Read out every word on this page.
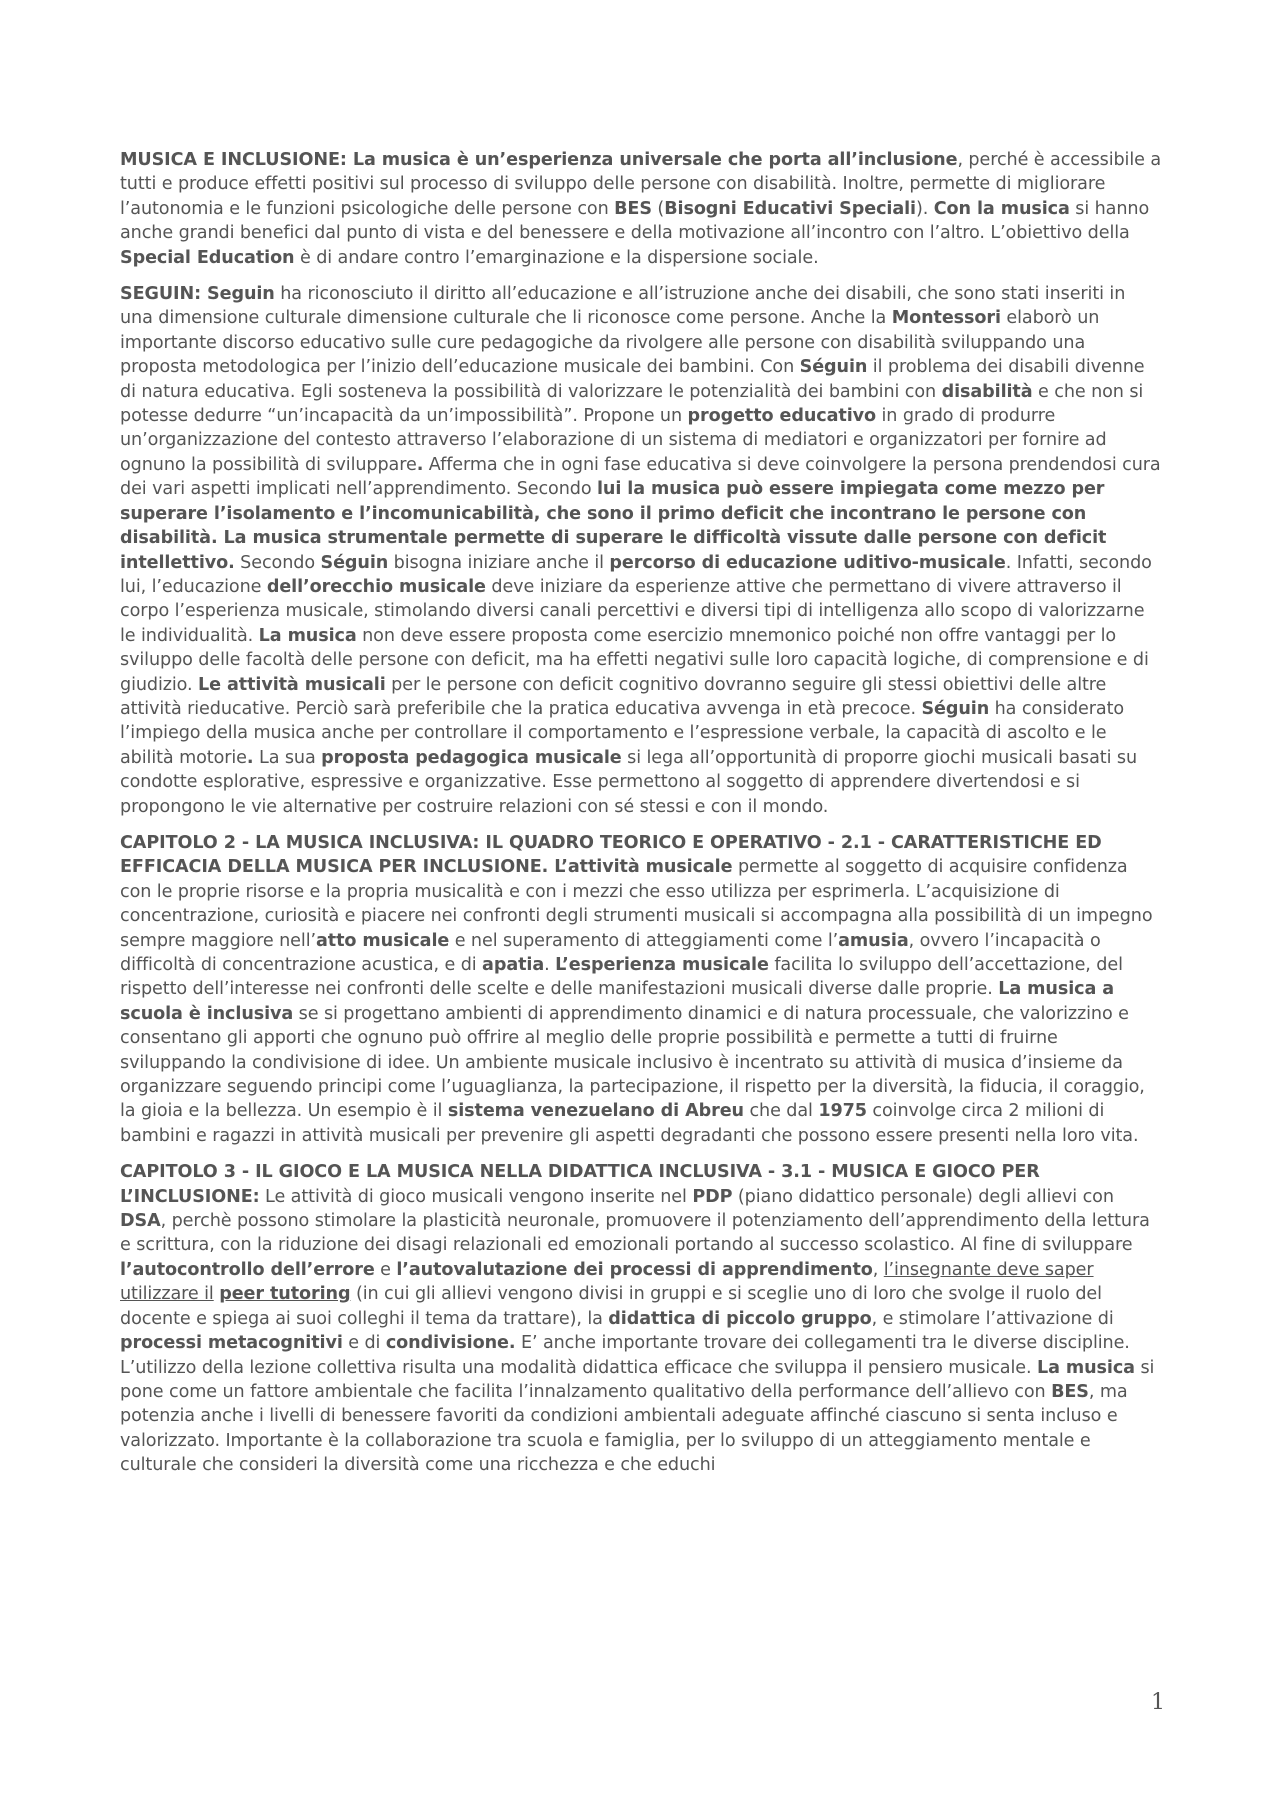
MUSICA E INCLUSIONE: La musica è un’esperienza universale che porta all’inclusione, perché è accessibile a tutti e produce effetti positivi sul processo di sviluppo delle persone con disabilità. Inoltre, permette di migliorare l’autonomia e le funzioni psicologiche delle persone con BES (Bisogni Educativi Speciali). Con la musica si hanno anche grandi benefici dal punto di vista e del benessere e della motivazione all’incontro con l’altro. L’obiettivo della Special Education è di andare contro l’emarginazione e la dispersione sociale.

SEGUIN: Seguin ha riconosciuto il diritto all’educazione e all’istruzione anche dei disabili, che sono stati inseriti in una dimensione culturale dimensione culturale che li riconosce come persone. Anche la Montessori elaborò un importante discorso educativo sulle cure pedagogiche da rivolgere alle persone con disabilità sviluppando una proposta metodologica per l’inizio dell’educazione musicale dei bambini. Con Séguin il problema dei disabili divenne di natura educativa. Egli sosteneva la possibilità di valorizzare le potenzialità dei bambini con disabilità e che non si potesse dedurre “un’incapacità da un’impossibilità”. Propone un progetto educativo in grado di produrre un’organizzazione del contesto attraverso l’elaborazione di un sistema di mediatori e organizzatori per fornire ad ognuno la possibilità di sviluppare. Afferma che in ogni fase educativa si deve coinvolgere la persona prendendosi cura dei vari aspetti implicati nell’apprendimento. Secondo lui la musica può essere impiegata come mezzo per superare l’isolamento e l’incomunicabilità, che sono il primo deficit che incontrano le persone con disabilità. La musica strumentale permette di superare le difficoltà vissute dalle persone con deficit intellettivo. Secondo Séguin bisogna iniziare anche il percorso di educazione uditivo-musicale. Infatti, secondo lui, l’educazione dell’orecchio musicale deve iniziare da esperienze attive che permettano di vivere attraverso il corpo l’esperienza musicale, stimolando diversi canali percettivi e diversi tipi di intelligenza allo scopo di valorizzarne le individualità. La musica non deve essere proposta come esercizio mnemonico poiché non offre vantaggi per lo sviluppo delle facoltà delle persone con deficit, ma ha effetti negativi sulle loro capacità logiche, di comprensione e di giudizio. Le attività musicali per le persone con deficit cognitivo dovranno seguire gli stessi obiettivi delle altre attività rieducative. Perciò sarà preferibile che la pratica educativa avvenga in età precoce. Séguin ha considerato l’impiego della musica anche per controllare il comportamento e l’espressione verbale, la capacità di ascolto e le abilità motorie. La sua proposta pedagogica musicale si lega all’opportunità di proporre giochi musicali basati su condotte esplorative, espressive e organizzative. Esse permettono al soggetto di apprendere divertendosi e si propongono le vie alternative per costruire relazioni con sé stessi e con il mondo.

CAPITOLO 2 - LA MUSICA INCLUSIVA: IL QUADRO TEORICO E OPERATIVO - 2.1 - CARATTERISTICHE ED EFFICACIA DELLA MUSICA PER INCLUSIONE. L’attività musicale permette al soggetto di acquisire confidenza con le proprie risorse e la propria musicalità e con i mezzi che esso utilizza per esprimerla. L’acquisizione di concentrazione, curiosità e piacere nei confronti degli strumenti musicali si accompagna alla possibilità di un impegno sempre maggiore nell’atto musicale e nel superamento di atteggiamenti come l’amusia, ovvero l’incapacità o difficoltà di concentrazione acustica, e di apatia. L’esperienza musicale facilita lo sviluppo dell’accettazione, del rispetto dell’interesse nei confronti delle scelte e delle manifestazioni musicali diverse dalle proprie. La musica a scuola è inclusiva se si progettano ambienti di apprendimento dinamici e di natura processuale, che valorizzino e consentano gli apporti che ognuno può offrire al meglio delle proprie possibilità e permette a tutti di fruirne sviluppando la condivisione di idee. Un ambiente musicale inclusivo è incentrato su attività di musica d’insieme da organizzare seguendo principi come l’uguaglianza, la partecipazione, il rispetto per la diversità, la fiducia, il coraggio, la gioia e la bellezza. Un esempio è il sistema venezuelano di Abreu che dal 1975 coinvolge circa 2 milioni di bambini e ragazzi in attività musicali per prevenire gli aspetti degradanti che possono essere presenti nella loro vita.

CAPITOLO 3 - IL GIOCO E LA MUSICA NELLA DIDATTICA INCLUSIVA - 3.1 - MUSICA E GIOCO PER L’INCLUSIONE: Le attività di gioco musicali vengono inserite nel PDP (piano didattico personale) degli allievi con DSA, perchè possono stimolare la plasticità neuronale, promuovere il potenziamento dell’apprendimento della lettura e scrittura, con la riduzione dei disagi relazionali ed emozionali portando al successo scolastico. Al fine di sviluppare l’autocontrollo dell’errore e l’autovalutazione dei processi di apprendimento, l’insegnante deve saper utilizzare il peer tutoring (in cui gli allievi vengono divisi in gruppi e si sceglie uno di loro che svolge il ruolo del docente e spiega ai suoi colleghi il tema da trattare), la didattica di piccolo gruppo, e stimolare l’attivazione di processi metacognitivi e di condivisione. E’ anche importante trovare dei collegamenti tra le diverse discipline. L’utilizzo della lezione collettiva risulta una modalità didattica efficace che sviluppa il pensiero musicale. La musica si pone come un fattore ambientale che facilita l’innalzamento qualitativo della performance dell’allievo con BES, ma potenzia anche i livelli di benessere favoriti da condizioni ambientali adeguate affinché ciascuno si senta incluso e valorizzato. Importante è la collaborazione tra scuola e famiglia, per lo sviluppo di un atteggiamento mentale e culturale che consideri la diversità come una ricchezza e che educhi

1
